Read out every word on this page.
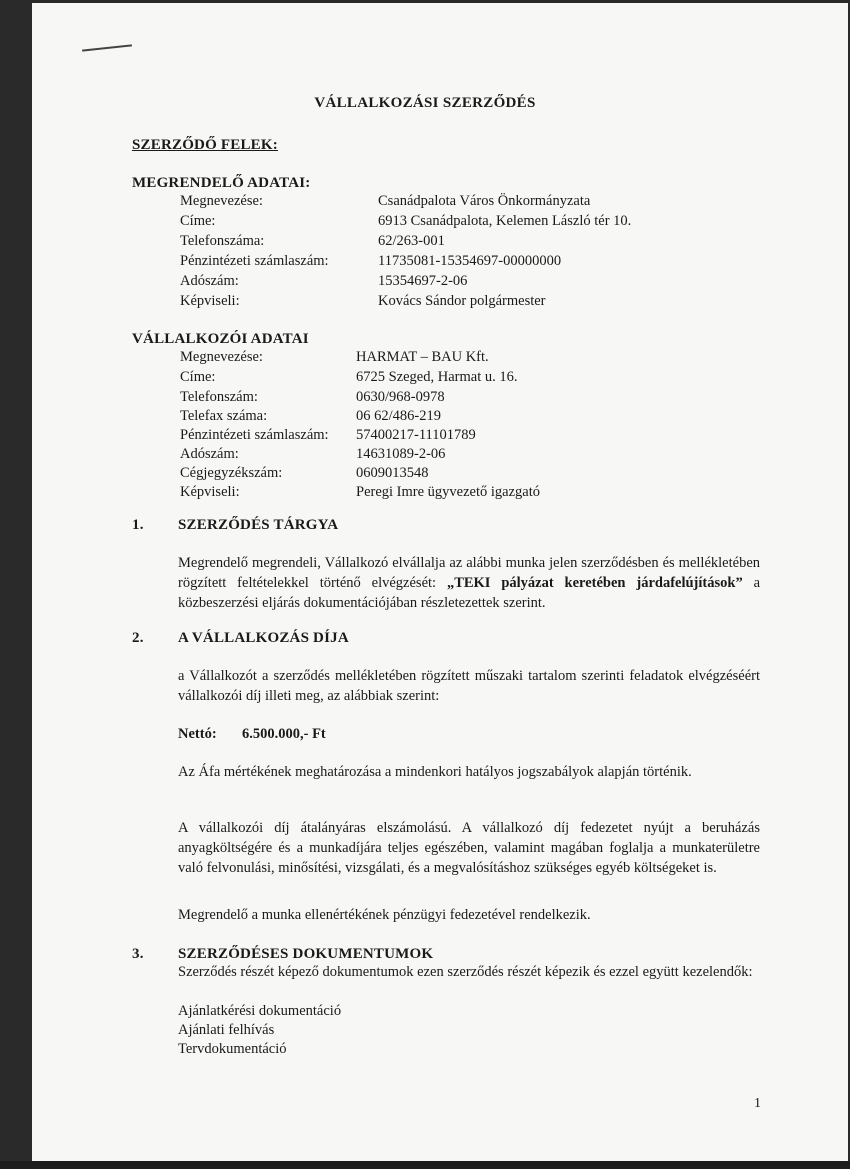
VÁLLALKOZÁSI SZERZŐDÉS
SZERZŐDŐ FELEK:
MEGRENDELŐ ADATAI:
Megnevezése:	Csanádpalota Város Önkormányzata
Címe:	6913 Csanádpalota, Kelemen László tér 10.
Telefonszáma:	62/263-001
Pénzintézeti számlaszám:	11735081-15354697-00000000
Adószám:	15354697-2-06
Képviseli:	Kovács Sándor polgármester
VÁLLALKOZÓI ADATAI
Megnevezése:	HARMAT – BAU Kft.
Címe:	6725 Szeged, Harmat u. 16.
Telefonszám:	0630/968-0978
Telefax száma:	06 62/486-219
Pénzintézeti számlaszám: 57400217-11101789
Adószám:	14631089-2-06
Cégjegyzékszám:	0609013548
Képviseli:	Peregi Imre ügyvezető igazgató
1. SZERZŐDÉS TÁRGYA
Megrendelő megrendeli, Vállalkozó elvállalja az alábbi munka jelen szerződésben és mellékletében rögzített feltételekkel történő elvégzését: „TEKI pályázat keretében járdafelújítások” a közbeszerzési eljárás dokumentációjában részletezettek szerint.
2. A VÁLLALKOZÁS DÍJA
a Vállalkozót a szerződés mellékletében rögzített műszaki tartalom szerinti feladatok elvégzéséért vállalkozói díj illeti meg, az alábbiak szerint:
Nettó: 6.500.000,- Ft
Az Áfa mértékének meghatározása a mindenkori hatályos jogszabályok alapján történik.
A vállalkozói díj átalányáras elszámolású. A vállalkozó díj fedezetet nyújt a beruházás anyagköltségére és a munkadíjára teljes egészében, valamint magában foglalja a munkaterületre való felvonulási, minősítési, vizsgálati, és a megvalósításhoz szükséges egyéb költségeket is.
Megrendelő a munka ellenértékének pénzügyi fedezetével rendelkezik.
3. SZERZŐDÉSES DOKUMENTUMOK
Szerződés részét képező dokumentumok ezen szerződés részét képezik és ezzel együtt kezelendők:
Ajánlatkérési dokumentáció
Ajánlati felhívás
Tervdokumentáció
1
